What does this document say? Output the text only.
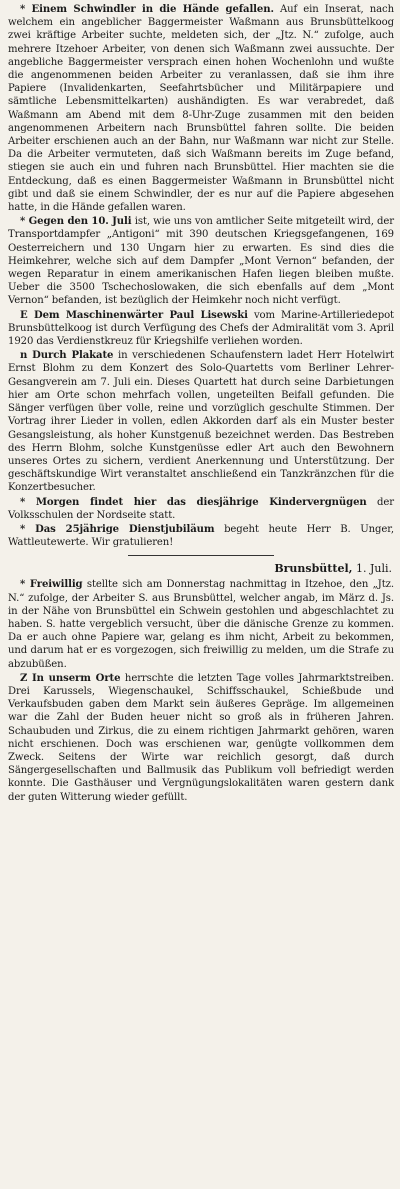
* Einem Schwindler in die Hände gefallen. Auf ein Inserat, nach welchem ein angeblicher Baggermeister Waßmann aus Brunsbüttelkoog zwei kräftige Arbeiter suchte, meldeten sich, der „Jtz. N.“ zufolge, auch mehrere Itzehoer Arbeiter, von denen sich Waßmann zwei aussuchte. Der angebliche Baggermeister versprach einen hohen Wochenlohn und wußte die angenommenen beiden Arbeiter zu veranlassen, daß sie ihm ihre Papiere (Invalidenkarten, Seefahrtsbücher und Militärpapiere und sämtliche Lebensmittelkarten) aushändigten. Es war verabredet, daß Waßmann am Abend mit dem 8-Uhr-Zuge zusammen mit den beiden angenommenen Arbeitern nach Brunsbüttel fahren sollte. Die beiden Arbeiter erschienen auch an der Bahn, nur Waßmann war nicht zur Stelle. Da die Arbeiter vermuteten, daß sich Waßmann bereits im Zuge befand, stiegen sie auch ein und fuhren nach Brunsbüttel. Hier machten sie die Entdeckung, daß es einen Baggermeister Waßmann in Brunsbüttel nicht gibt und daß sie einem Schwindler, der es nur auf die Papiere abgesehen hatte, in die Hände gefallen waren.

* Gegen den 10. Juli ist, wie uns von amtlicher Seite mitgeteilt wird, der Transportdampfer „Antigoni“ mit 390 deutschen Kriegsgefangenen, 169 Oesterreichern und 130 Ungarn hier zu erwarten. Es sind dies die Heimkehrer, welche sich auf dem Dampfer „Mont Vernon“ befanden, der wegen Reparatur in einem amerikanischen Hafen liegen bleiben mußte. Ueber die 3500 Tschechoslowaken, die sich ebenfalls auf dem „Mont Vernon“ befanden, ist bezüglich der Heimkehr noch nicht verfügt.

E Dem Maschinenwärter Paul Lisewski vom Marine-Artilleriedepot Brunsbüttelkoog ist durch Verfügung des Chefs der Admiralität vom 3. April 1920 das Verdienstkreuz für Kriegshilfe verliehen worden.

n Durch Plakate in verschiedenen Schaufenstern ladet Herr Hotelwirt Ernst Blohm zu dem Konzert des Solo-Quartetts vom Berliner Lehrer-Gesangverein am 7. Juli ein. Dieses Quartett hat durch seine Darbietungen hier am Orte schon mehrfach vollen, ungeteilten Beifall gefunden. Die Sänger verfügen über volle, reine und vorzüglich geschulte Stimmen. Der Vortrag ihrer Lieder in vollen, edlen Akkorden darf als ein Muster bester Gesangsleistung, als hoher Kunstgenuß bezeichnet werden. Das Bestreben des Herrn Blohm, solche Kunstgenüsse edler Art auch den Bewohnern unseres Ortes zu sichern, verdient Anerkennung und Unterstützung. Der geschäftskundige Wirt veranstaltet anschließend ein Tanzkränzchen für die Konzertbesucher.

* Morgen findet hier das diesjährige Kindervergnügen der Volksschulen der Nordseite statt.

* Das 25jährige Dienstjubiläum begeht heute Herr B. Unger, Wattleutewerte. Wir gratulieren!

Brunsbüttel, 1. Juli.

* Freiwillig stellte sich am Donnerstag nachmittag in Itzehoe, den „Jtz. N.“ zufolge, der Arbeiter S. aus Brunsbüttel, welcher angab, im März d. Js. in der Nähe von Brunsbüttel ein Schwein gestohlen und abgeschlachtet zu haben. S. hatte vergeblich versucht, über die dänische Grenze zu kommen. Da er auch ohne Papiere war, gelang es ihm nicht, Arbeit zu bekommen, und darum hat er es vorgezogen, sich freiwillig zu melden, um die Strafe zu abzubüßen.

Z In unserm Orte herrschte die letzten Tage volles Jahrmarktstreiben. Drei Karussels, Wiegenschaukel, Schiffsschaukel, Schießbude und Verkaufsbuden gaben dem Markt sein äußeres Gepräge. Im allgemeinen war die Zahl der Buden heuer nicht so groß als in früheren Jahren. Schaubuden und Zirkus, die zu einem richtigen Jahrmarkt gehören, waren nicht erschienen. Doch was erschienen war, genügte vollkommen dem Zweck. Seitens der Wirte war reichlich gesorgt, daß durch Sängergesellschaften und Ballmusik das Publikum voll befriedigt werden konnte. Die Gasthäuser und Vergnügungslokalitäten waren gestern dank der guten Witterung wieder gefüllt.
